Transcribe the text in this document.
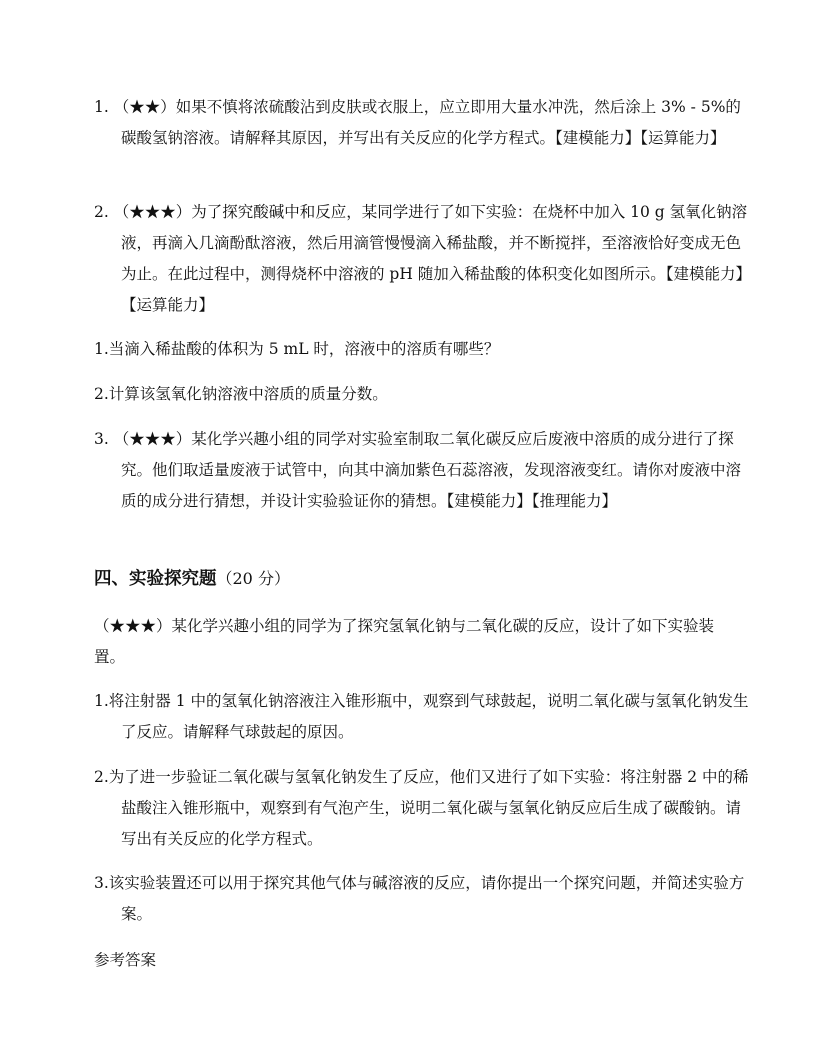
1. （★★）如果不慎将浓硫酸沾到皮肤或衣服上，应立即用大量水冲洗，然后涂上 3% - 5%的碳酸氢钠溶液。请解释其原因，并写出有关反应的化学方程式。【建模能力】【运算能力】

2. （★★★）为了探究酸碱中和反应，某同学进行了如下实验：在烧杯中加入 10 g 氢氧化钠溶液，再滴入几滴酚酞溶液，然后用滴管慢慢滴入稀盐酸，并不断搅拌，至溶液恰好变成无色为止。在此过程中，测得烧杯中溶液的 pH 随加入稀盐酸的体积变化如图所示。【建模能力】【运算能力】

1.当滴入稀盐酸的体积为 5 mL 时，溶液中的溶质有哪些？

2.计算该氢氧化钠溶液中溶质的质量分数。

3. （★★★）某化学兴趣小组的同学对实验室制取二氧化碳反应后废液中溶质的成分进行了探究。他们取适量废液于试管中，向其中滴加紫色石蕊溶液，发现溶液变红。请你对废液中溶质的成分进行猜想，并设计实验验证你的猜想。【建模能力】【推理能力】

四、实验探究题（20 分）

（★★★）某化学兴趣小组的同学为了探究氢氧化钠与二氧化碳的反应，设计了如下实验装置。

1.将注射器 1 中的氢氧化钠溶液注入锥形瓶中，观察到气球鼓起，说明二氧化碳与氢氧化钠发生了反应。请解释气球鼓起的原因。

2.为了进一步验证二氧化碳与氢氧化钠发生了反应，他们又进行了如下实验：将注射器 2 中的稀盐酸注入锥形瓶中，观察到有气泡产生，说明二氧化碳与氢氧化钠反应后生成了碳酸钠。请写出有关反应的化学方程式。

3.该实验装置还可以用于探究其他气体与碱溶液的反应，请你提出一个探究问题，并简述实验方案。

参考答案
